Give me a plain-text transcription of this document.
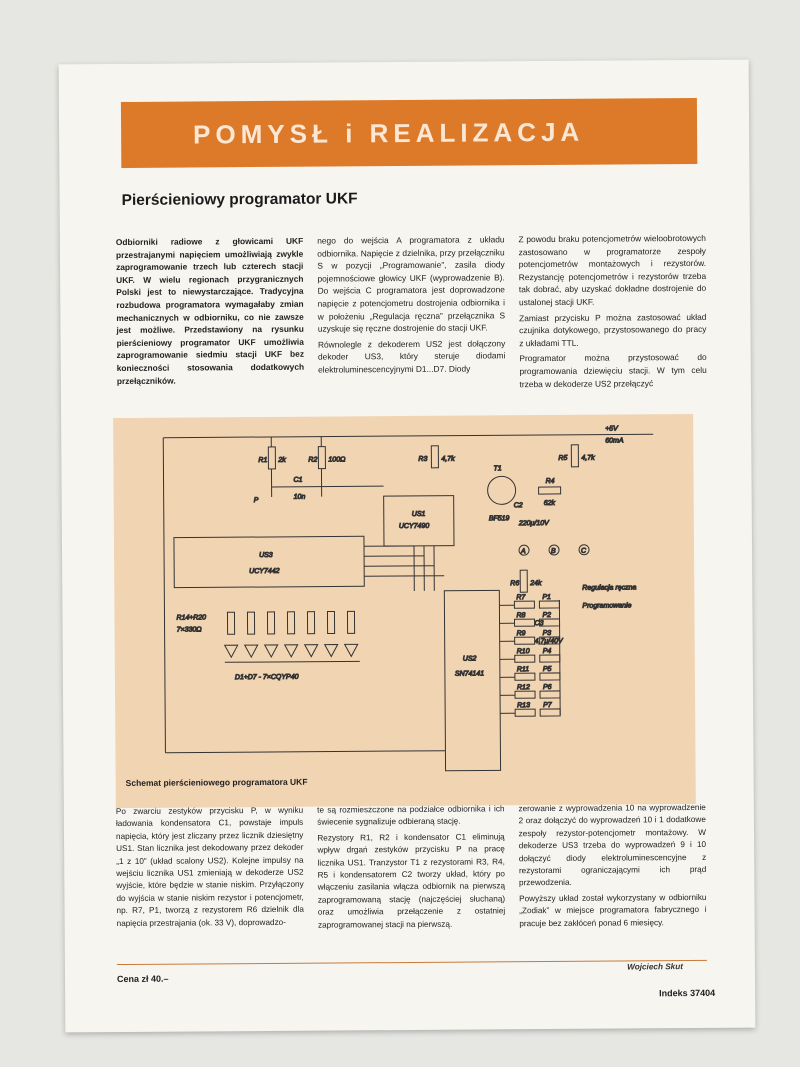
POMYSŁ i REALIZACJA
Pierścieniowy programator UKF

Odbiorniki radiowe z głowicami UKF przestrajanymi napięciem umożliwiają zwykle zaprogramowanie trzech lub czterech stacji UKF. W wielu regionach przygranicznych Polski jest to niewystarczające. Tradycyjna rozbudowa programatora wymagałaby zmian mechanicznych w odbiorniku, co nie zawsze jest możliwe. Przedstawiony na rysunku pierścieniowy programator UKF umożliwia zaprogramowanie siedmiu stacji UKF bez konieczności stosowania dodatkowych przełączników.

nego do wejścia A programatora z układu odbiornika. Napięcie z dzielnika, przy przełączniku S w pozycji „Programowanie”, zasila diody pojemnościowe głowicy UKF (wyprowadzenie B). Do wejścia C programatora jest doprowadzone napięcie z potencjometru dostrojenia odbiornika i w położeniu „Regulacja ręczna” przełącznika S uzyskuje się ręczne dostrojenie do stacji UKF.

Równolegle z dekoderem US2 jest dołączony dekoder US3, który steruje diodami elektroluminescencyjnymi D1...D7. Diody

Z powodu braku potencjometrów wieloobrotowych zastosowano w programatorze zespoły potencjometrów montażowych i rezystorów. Rezystancję potencjometrów i rezystorów trzeba tak dobrać, aby uzyskać dokładne dostrojenie do ustalonej stacji UKF.

Zamiast przycisku P można zastosować układ czujnika dotykowego, przystosowanego do pracy z układami TTL.

Programator można przystosować do programowania dziewięciu stacji. W tym celu trzeba w dekoderze US2 przełączyć

US3
UCY7442
US1
UCY7490
US2
SN74141
R1 2k	R2 100Ω
C1
10n
P
R3 4,7k
T1
BF519
R4
62k
C2
220μ/10V
R5 4,7k
+5V
60mA
A	B	C
R6 24k
Regulacja ręczna
Programowanie
C3
4,7μ/40V
R7
R8
R9
R10
R11
R12
R13
P1
P2
P3
P4
P5
P6
P7
R14÷R20
7×330Ω
D1÷D7 - 7×CQYP40
Schemat pierścieniowego programatora UKF

Po zwarciu zestyków przycisku P, w wyniku ładowania kondensatora C1, powstaje impuls napięcia, który jest zliczany przez licznik dziesiętny US1. Stan licznika jest dekodowany przez dekoder „1 z 10” (układ scalony US2). Kolejne impulsy na wejściu licznika US1 zmieniają w dekoderze US2 wyjście, które będzie w stanie niskim. Przyłączony do wyjścia w stanie niskim rezystor i potencjometr, np. R7, P1, tworzą z rezystorem R6 dzielnik dla napięcia przestrajania (ok. 33 V), doprowadzo-

te są rozmieszczone na podziałce odbiornika i ich świecenie sygnalizuje odbieraną stację.

Rezystory R1, R2 i kondensator C1 eliminują wpływ drgań zestyków przycisku P na pracę licznika US1. Tranzystor T1 z rezystorami R3, R4, R5 i kondensatorem C2 tworzy układ, który po włączeniu zasilania włącza odbiornik na pierwszą zaprogramowaną stację (najczęściej słuchaną) oraz umożliwia przełączenie z ostatniej zaprogramowanej stacji na pierwszą.

zerowanie z wyprowadzenia 10 na wyprowadzenie 2 oraz dołączyć do wyprowadzeń 10 i 1 dodatkowe zespoły rezystor-potencjometr montażowy. W dekoderze US3 trzeba do wyprowadzeń 9 i 10 dołączyć diody elektroluminescencyjne z rezystorami ograniczającymi ich prąd przewodzenia.

Powyższy układ został wykorzystany w odbiorniku „Zodiak” w miejsce programatora fabrycznego i pracuje bez zakłóceń ponad 6 miesięcy.

Wojciech Skut
Cena zł 40.–
Indeks 37404
